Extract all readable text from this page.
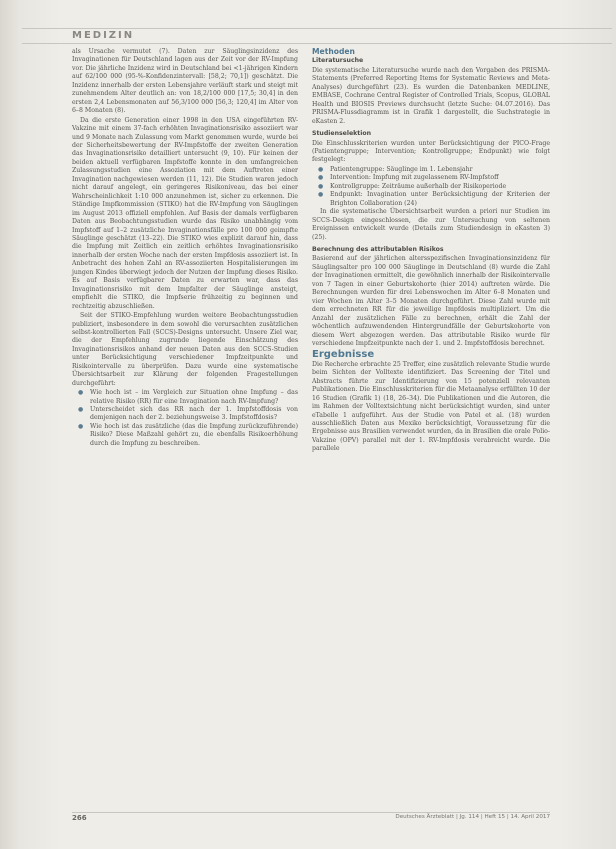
MEDIZIN

als Ursache vermutet (7). Daten zur Säuglingsinzidenz des Invaginationen für Deutschland lagen aus der Zeit vor der RV-Impfung vor. Die jährliche Inzidenz wird in Deutschland bei <1-jährigen Kindern auf 62/100 000 (95-%-Konfidenzintervall: [58,2; 70,1]) geschätzt. Die Inzidenz innerhalb der ersten Lebensjahre verläuft stark und steigt mit zunehmendem Alter deutlich an: von 18,2/100 000 [17,5; 30,4] in den ersten 2,4 Lebensmonaten auf 56,3/100 000 [56,3; 120,4] im Alter von 6–8 Monaten (8).

Da die erste Generation einer 1998 in den USA eingeführten RV-Vakzine mit einem 37-fach erhöhten Invaginationsrisiko assoziiert war und 9 Monate nach Zulassung vom Markt genommen wurde, wurde bei der Sicherheitsbewertung der RV-Impfstoffe der zweiten Generation das Invaginationsrisiko detailliert untersucht (9, 10). Für keinen der beiden aktuell verfügbaren Impfstoffe konnte in den umfangreichen Zulassungsstudien eine Assoziation mit dem Auftreten einer Invagination nachgewiesen werden (11, 12). Die Studien waren jedoch nicht darauf angelegt, ein geringeres Risikoniveau, das bei einer Wahrscheinlichkeit 1:10 000 anzunehmen ist, sicher zu erkennen. Die Ständige Impfkommission (STIKO) hat die RV-Impfung von Säuglingen im August 2013 offiziell empfohlen. Auf Basis der damals verfügbaren Daten aus Beobachtungsstudien wurde das Risiko unabhängig vom Impfstoff auf 1–2 zusätzliche Invaginationsfälle pro 100 000 geimpfte Säuglinge geschätzt (13–22). Die STIKO wies explizit darauf hin, dass die Impfung mit Zeitlich ein zeitlich erhöhtes Invaginationsrisiko innerhalb der ersten Woche nach der ersten Impfdosis assoziiert ist. In Anbetracht des hohen Zahl an RV-assoziierten Hospitalisierungen im jungen Kindes überwiegt jedoch der Nutzen der Impfung dieses Risiko. Es auf Basis verfügbarer Daten zu erwarten war, dass das Invaginationsrisiko mit dem Impfalter der Säuglinge ansteigt, empfiehlt die STIKO, die Impfserie frühzeitig zu beginnen und rechtzeitig abzuschließen.

Seit der STIKO-Empfehlung wurden weitere Beobachtungsstudien publiziert, insbesondere in dem sowohl die verursachten zusätzlichen selbst-kontrollierten Fall (SCCS)-Designs untersucht. Unsere Ziel war, die der Empfehlung zugrunde liegende Einschätzung des Invaginationsrisikos anhand der neuen Daten aus den SCCS-Studien unter Berücksichtigung verschiedener Impfzeitpunkte und Risikointervalle zu überprüfen. Dazu wurde eine systematische Übersichtsarbeit zur Klärung der folgenden Fragestellungen durchgeführt:

● Wie hoch ist – im Vergleich zur Situation ohne Impfung – das relative Risiko (RR) für eine Invagination nach RV-Impfung?
● Unterscheidet sich das RR nach der 1. Impfstoffdosis von demjenigen nach der 2. beziehungsweise 3. Impfstoffdosis?
● Wie hoch ist das zusätzliche (das die Impfung zurückzuführende) Risiko? Diese Maßzahl gehört zu, die ebenfalls Risikoerhöhung durch die Impfung zu beschreiben.
Methoden
Literatursuche

Die systematische Literatursuche wurde nach den Vorgaben des PRISMA-Statements (Preferred Reporting Items for Systematic Reviews and Meta-Analyses) durchgeführt (23). Es wurden die Datenbanken MEDLINE, EMBASE, Cochrane Central Register of Controlled Trials, Scopus, GLOBAL Health und BIOSIS Previews durchsucht (letzte Suche: 04.07.2016). Das PRISMA-Flussdiagramm ist in Grafik 1 dargestellt, die Suchstrategie in eKasten 2.

Studienselektion

Die Einschlusskriterien wurden unter Berücksichtigung der PICO-Frage (Patientengruppe; Intervention; Kontrollgruppe; Endpunkt) wie folgt festgelegt:

● Patientengruppe: Säuglinge im 1. Lebensjahr
● Intervention: Impfung mit zugelassenem RV-Impfstoff
● Kontrollgruppe: Zeiträume außerhalb der Risikoperiode
● Endpunkt: Invagination unter Berücksichtigung der Kriterien der Brighton Collaboration (24)

In die systematische Übersichtsarbeit wurden a priori nur Studien im SCCS-Design eingeschlossen, die zur Untersuchung von seltenen Ereignissen entwickelt wurde (Details zum Studiendesign in eKasten 3) (25).

Berechnung des attributablen Risikos

Basierend auf der jährlichen altersspezifischen Invaginationsinzidenz für Säuglingsalter pro 100 000 Säuglinge in Deutschland (8) wurde die Zahl der Invaginationen ermittelt, die gewöhnlich innerhalb der Risikointervalle von 7 Tagen in einer Geburtskohorte (hier 2014) auftreten würde. Die Berechnungen wurden für drei Lebenswochen im Alter 6–8 Monaten und vier Wochen im Alter 3–5 Monaten durchgeführt. Diese Zahl wurde mit dem errechneten RR für die jeweilige Impfdosis multipliziert. Um die Anzahl der zusätzlichen Fälle zu berechnen, erhält die Zahl der wöchentlich aufzuwendenden Hintergrundfälle der Geburtskohorte von diesem Wert abgezogen werden. Das attributable Risiko wurde für verschiedene Impfzeitpunkte nach der 1. und 2. Impfstoffdosis berechnet.

Ergebnisse

Die Recherche erbrachte 25 Treffer, eine zusätzlich relevante Studie wurde beim Sichten der Volltexte identifiziert. Das Screening der Titel und Abstracts führte zur Identifizierung von 15 potenziell relevanten Publikationen. Die Einschlusskriterien für die Metaanalyse erfüllten 10 der 16 Studien (Grafik 1) (18, 26–34). Die Publikationen und die Autoren, die im Rahmen der Volltextsichtung nicht berücksichtigt wurden, sind unter eTabelle 1 aufgeführt. Aus der Studie von Patel et al. (18) wurden ausschließlich Daten aus Mexiko berücksichtigt, Voraussetzung für die Ergebnisse aus Brasilien verwendet wurden, da in Brasilien die orale Polio-Vakzine (OPV) parallel mit der 1. RV-Impfdosis verabreicht wurde. Die parallele

266	Deutsches Ärzteblatt | Jg. 114 | Heft 15 | 14. April 2017
